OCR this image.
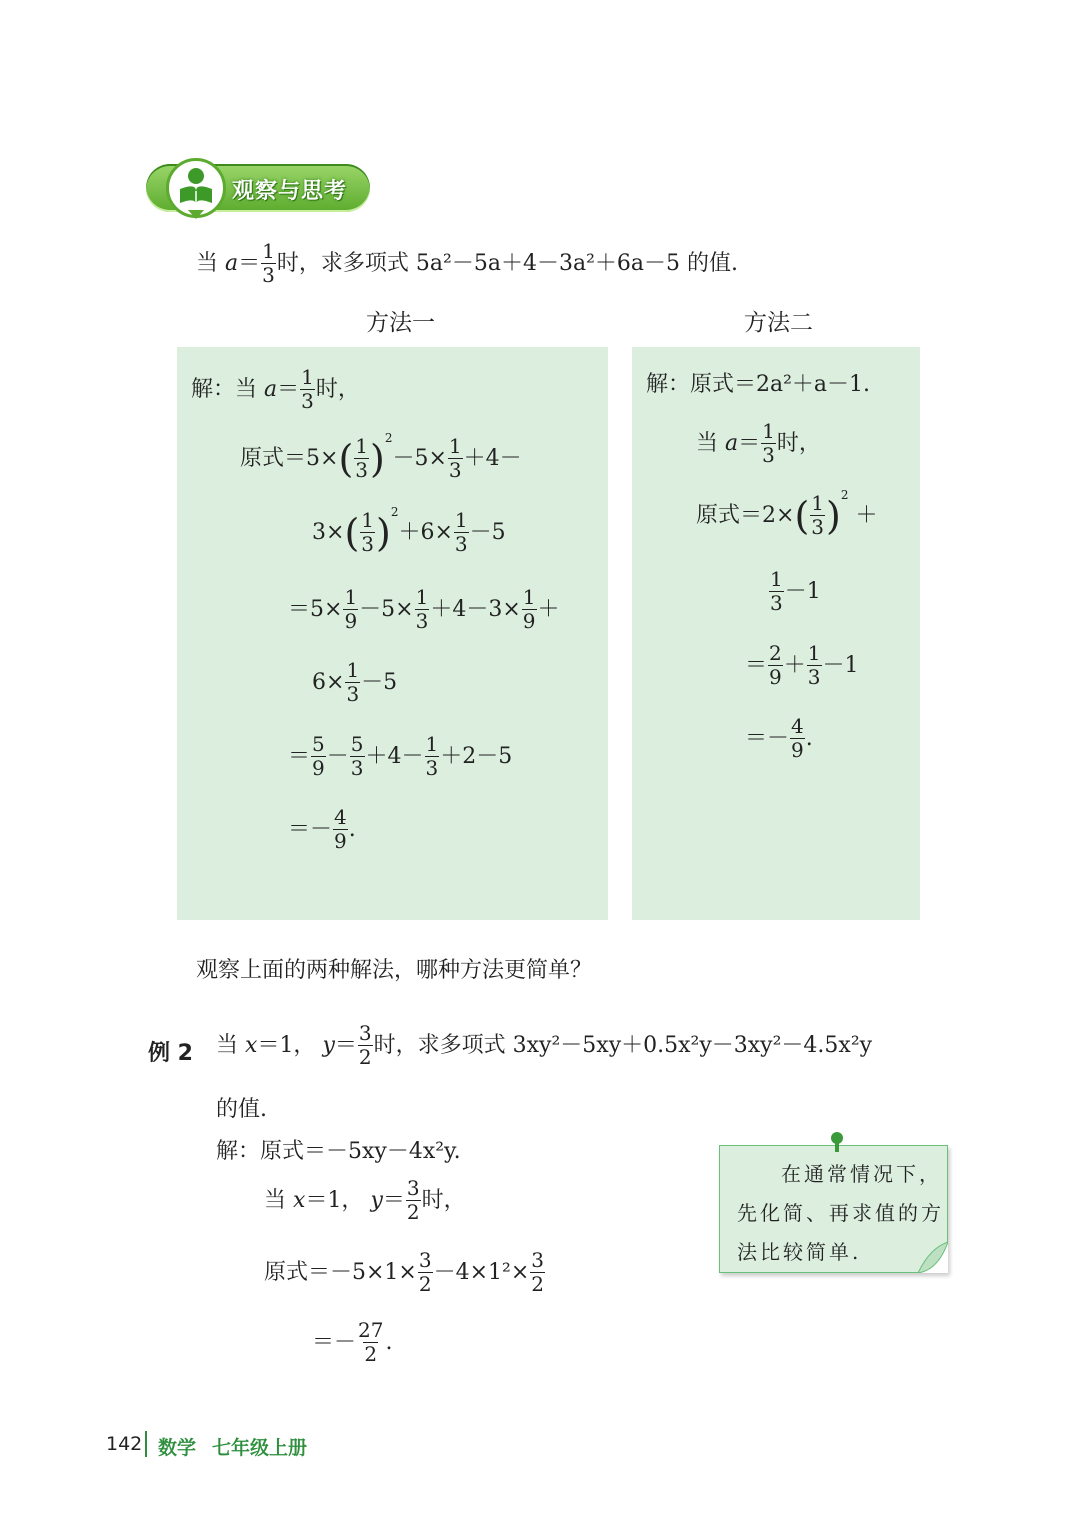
观察与思考
当
$a = \frac{1}{3}$ 时，求多项式
5a²－5a＋4－3a²＋6a－5
的值.
方法一	方法二
解：当
$a = \frac{1}{3}$ 时，
原式＝5× ( $\frac{1}{3}$ ) 2
$-5\times \frac{1}{3} +4-$
3× ( $\frac{1}{3}$ ) 2
$+6\times \frac{1}{3} -5$
$=5\times \frac{1}{9} -5\times \frac{1}{3} +4-3\times \frac{1}{9}$ ＋
$6\times \frac{1}{3} -5$
＝ $\frac{5}{9} - \frac{5}{3} +4- \frac{1}{3} +2-5$
＝－ $\frac{4}{9}$ .
解：原式＝2a²＋a－1.
当
$a = \frac{1}{3}$ 时，
原式＝2× ( $\frac{1}{3}$ ) 2

＋
$\frac{1}{3} -1$
＝ $\frac{2}{9} + \frac{1}{3} -1$
＝－ $\frac{4}{9}$ .
观察上面的两种解法，哪种方法更简单？
例 2 当
x ＝1，
$y = \frac{3}{2}$ 时，求多项式
3xy²－5xy＋0.5x²y－3xy²－4.5x²y
的值.
解：原式＝－5xy－4x²y.
当
x ＝1，
$y = \frac{3}{2}$ 时，
原式$=-5\times 1\times \frac{3}{2} -4\times 1^2\times \frac{3}{2}$
＝－ $\frac{27}{2}$ .
在通常情况下，
先化简、再求值的方
法比较简单.
142 数学 七年级上册
